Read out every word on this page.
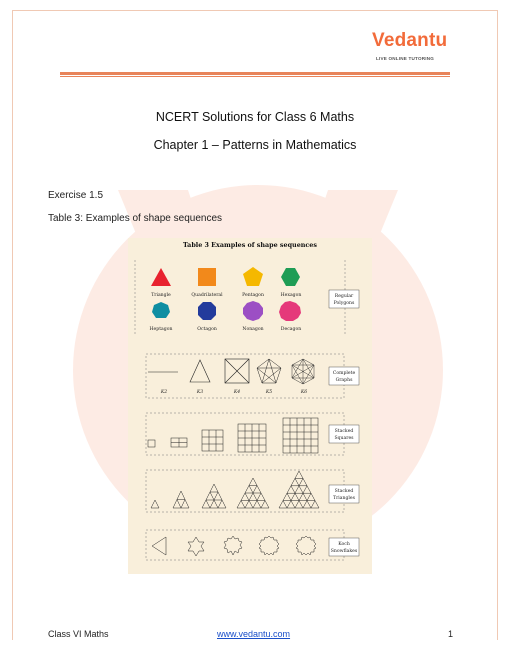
Vedantu
LIVE ONLINE TUTORING
NCERT Solutions for Class 6 Maths
Chapter 1 – Patterns in Mathematics
Exercise 1.5
Table 3: Examples of shape sequences
Table 3 Examples of shape sequences
Triangle	Quadrilateral	Pentagon	Hexagon
Heptagon	Octagon	Nonagon	Decagon
Regular
Polygons
K2	K3	K4	K5	K6
Complete
Graphs
Stacked
Squares
Stacked
Triangles
Koch
Snowflakes
Class VI Maths	www.vedantu.com	1
